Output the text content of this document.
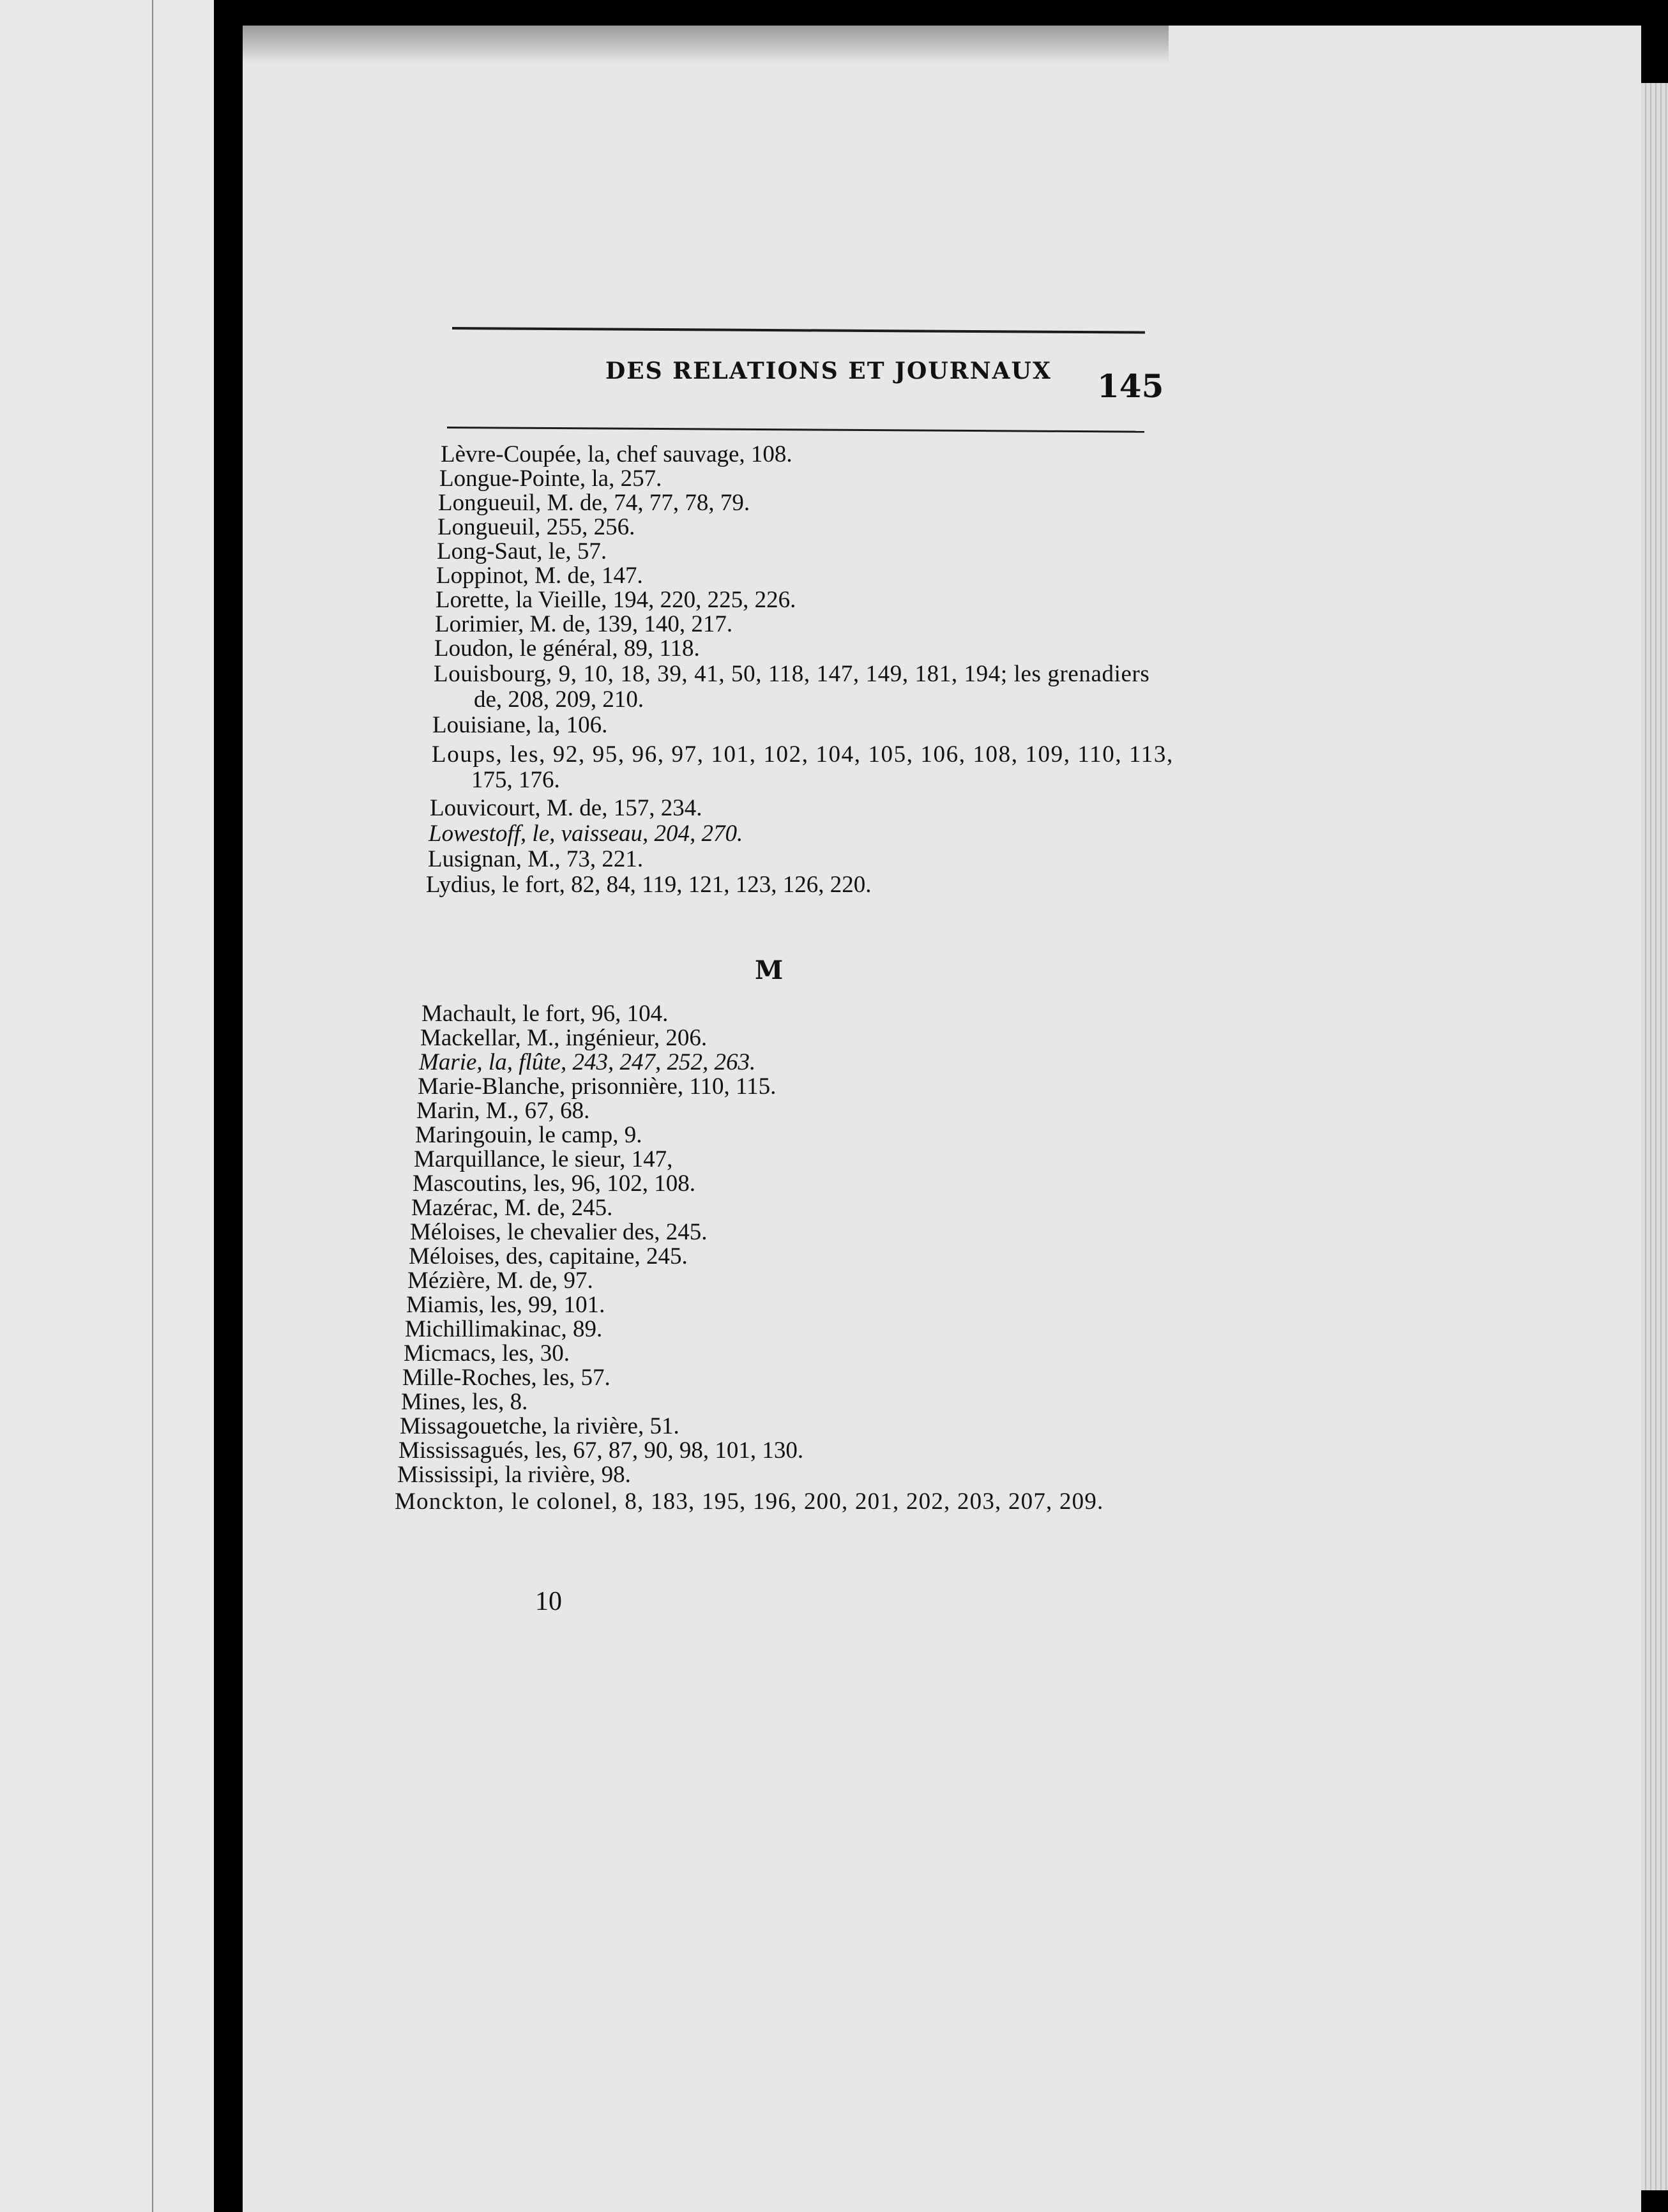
DES RELATIONS ET JOURNAUX 145
Lèvre-Coupée, la, chef sauvage, 108.
Longue-Pointe, la, 257.
Longueuil, M. de, 74, 77, 78, 79.
Longueuil, 255, 256.
Long-Saut, le, 57.
Loppinot, M. de, 147.
Lorette, la Vieille, 194, 220, 225, 226.
Lorimier, M. de, 139, 140, 217.
Loudon, le général, 89, 118.
Louisbourg, 9, 10, 18, 39, 41, 50, 118, 147, 149, 181, 194; les grenadiers
de, 208, 209, 210.
Louisiane, la, 106.
Loups, les, 92, 95, 96, 97, 101, 102, 104, 105, 106, 108, 109, 110, 113,
175, 176.
Louvicourt, M. de, 157, 234.
Lowestoff, le, vaisseau, 204, 270.
Lusignan, M., 73, 221.
Lydius, le fort, 82, 84, 119, 121, 123, 126, 220.
M
Machault, le fort, 96, 104.
Mackellar, M., ingénieur, 206.
Marie, la, flûte, 243, 247, 252, 263.
Marie-Blanche, prisonnière, 110, 115.
Marin, M., 67, 68.
Maringouin, le camp, 9.
Marquillance, le sieur, 147,
Mascoutins, les, 96, 102, 108.
Mazérac, M. de, 245.
Méloises, le chevalier des, 245.
Méloises, des, capitaine, 245.
Mézière, M. de, 97.
Miamis, les, 99, 101.
Michillimakinac, 89.
Micmacs, les, 30.
Mille-Roches, les, 57.
Mines, les, 8.
Missagouetche, la rivière, 51.
Mississagués, les, 67, 87, 90, 98, 101, 130.
Mississipi, la rivière, 98.
Monckton, le colonel, 8, 183, 195, 196, 200, 201, 202, 203, 207, 209.
10
